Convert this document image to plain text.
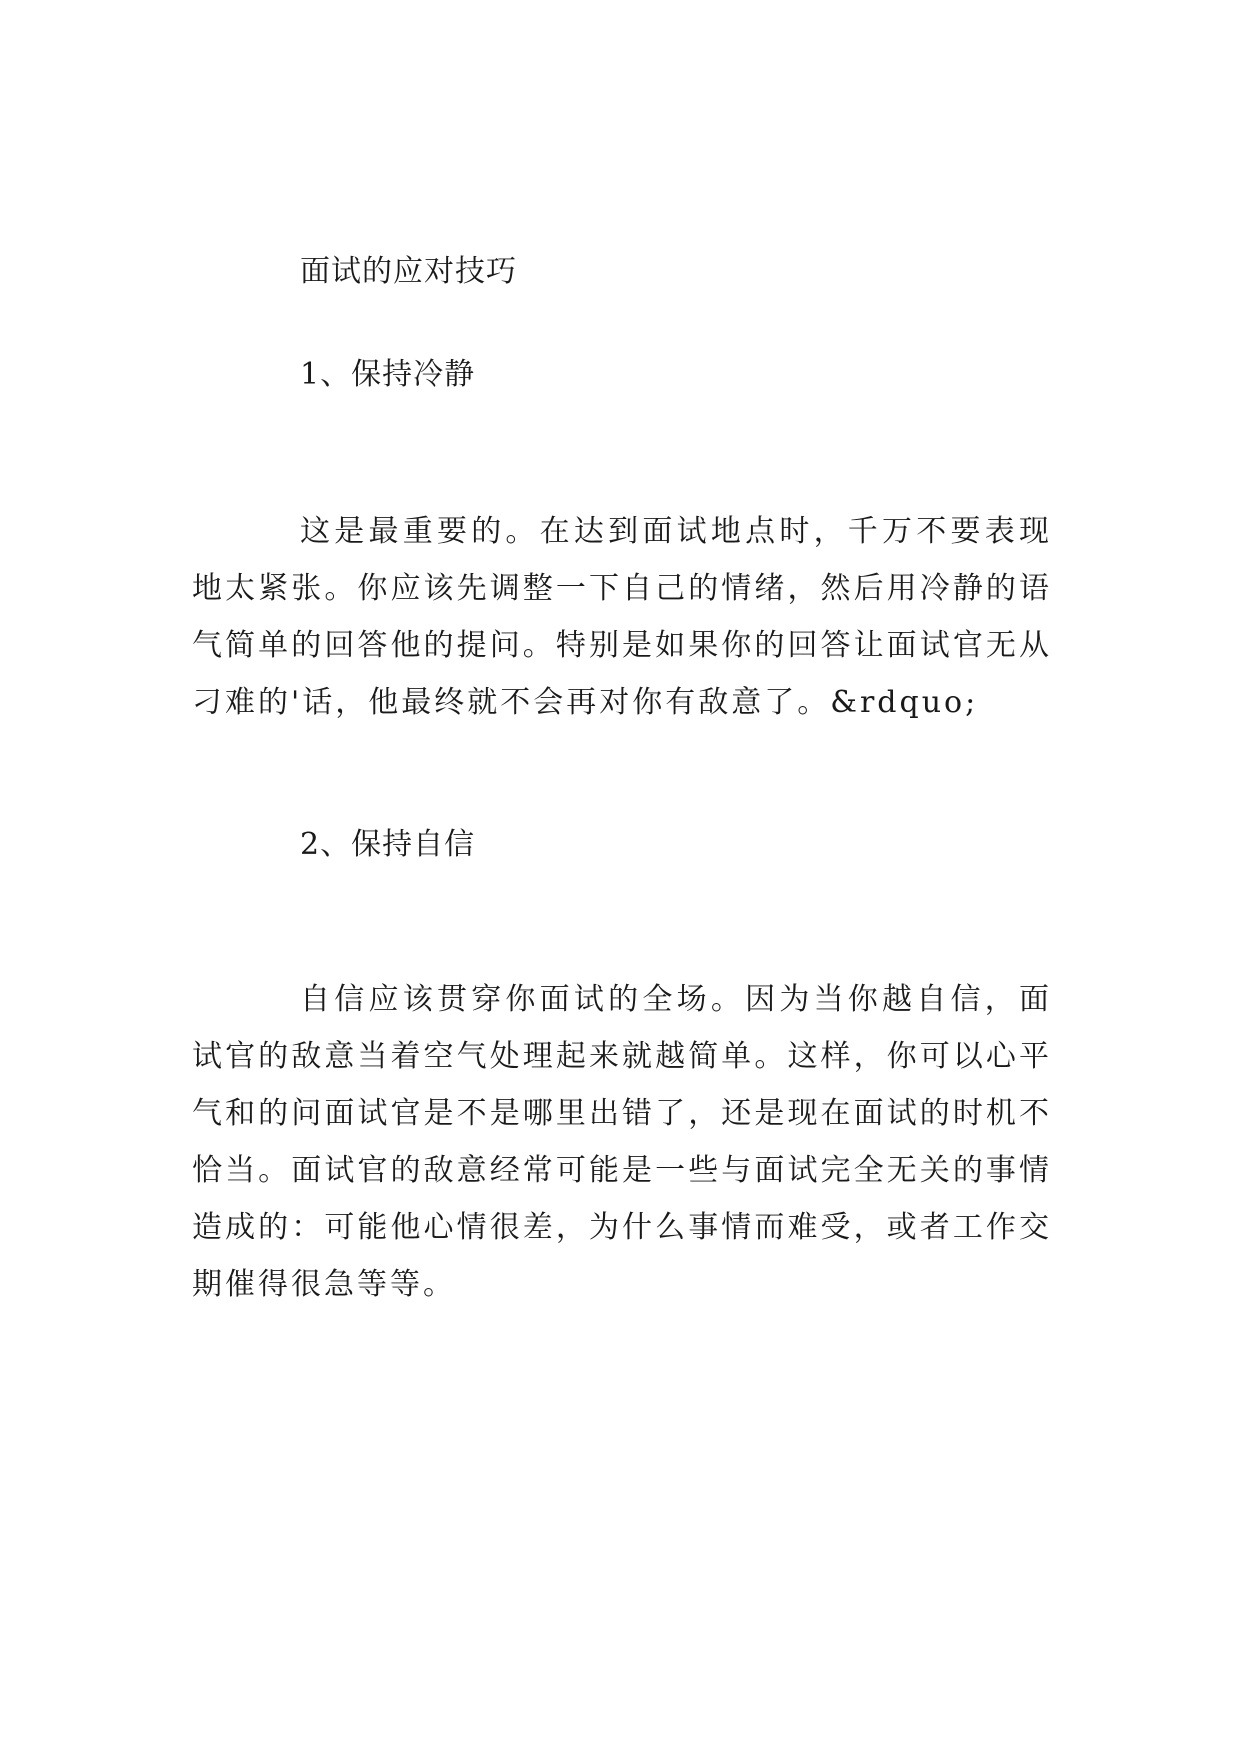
面试的应对技巧
1、保持冷静
这是最重要的。在达到面试地点时，千万不要表现地太紧张。你应该先调整一下自己的情绪，然后用冷静的语气简单的回答他的提问。特别是如果你的回答让面试官无从刁难的'话，他最终就不会再对你有敌意了。&rdquo;
2、保持自信
自信应该贯穿你面试的全场。因为当你越自信，面试官的敌意当着空气处理起来就越简单。这样，你可以心平气和的问面试官是不是哪里出错了，还是现在面试的时机不恰当。面试官的敌意经常可能是一些与面试完全无关的事情造成的：可能他心情很差，为什么事情而难受，或者工作交期催得很急等等。
